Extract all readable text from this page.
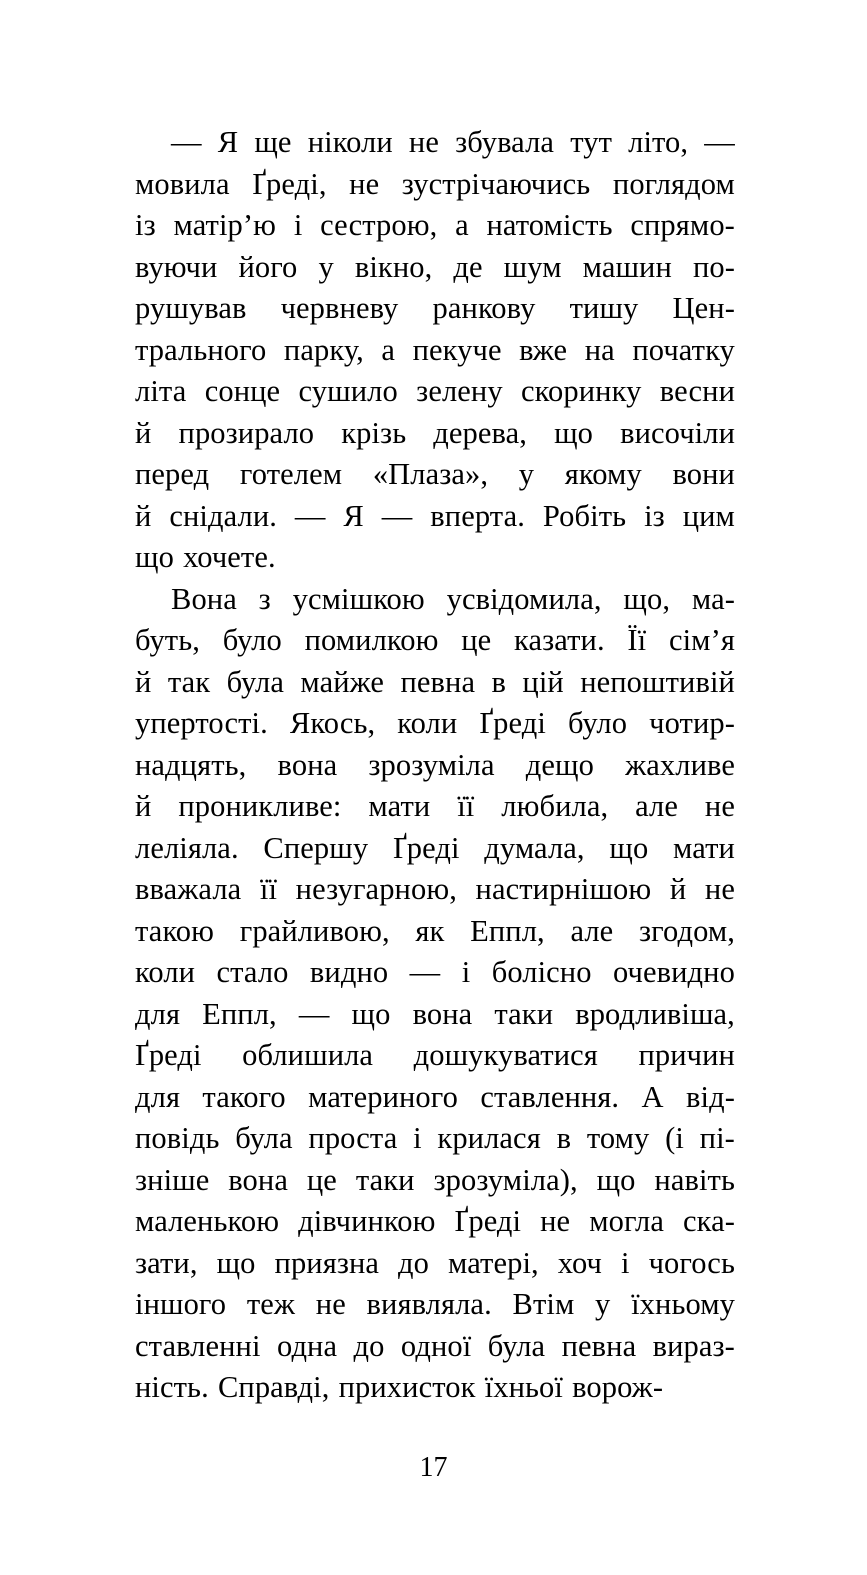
— Я ще ніколи не збувала тут літо, —
мовила Ґреді, не зустрічаючись поглядом
із матір’ю і сестрою, а натомість спрямо-
вуючи його у вікно, де шум машин по-
рушував червневу ранкову тишу Цен-
трального парку, а пекуче вже на початку
літа сонце сушило зелену скоринку весни
й прозирало крізь дерева, що височіли
перед готелем «Плаза», у якому вони
й снідали. — Я — вперта. Робіть із цим
що хочете.
Вона з усмішкою усвідомила, що, ма-
буть, було помилкою це казати. Її сім’я
й так була майже певна в цій непоштивій
упертості. Якось, коли Ґреді було чотир-
надцять, вона зрозуміла дещо жахливе
й проникливе: мати її любила, але не
леліяла. Спершу Ґреді думала, що мати
вважала її незугарною, настирнішою й не
такою грайливою, як Еппл, але згодом,
коли стало видно — і болісно очевидно
для Еппл, — що вона таки вродливіша,
Ґреді облишила дошукуватися причин
для такого материного ставлення. А від-
повідь була проста і крилася в тому (і пі-
зніше вона це таки зрозуміла), що навіть
маленькою дівчинкою Ґреді не могла ска-
зати, що приязна до матері, хоч і чогось
іншого теж не виявляла. Втім у їхньому
ставленні одна до одної була певна вираз-
ність. Справді, прихисток їхньої ворож-
17
